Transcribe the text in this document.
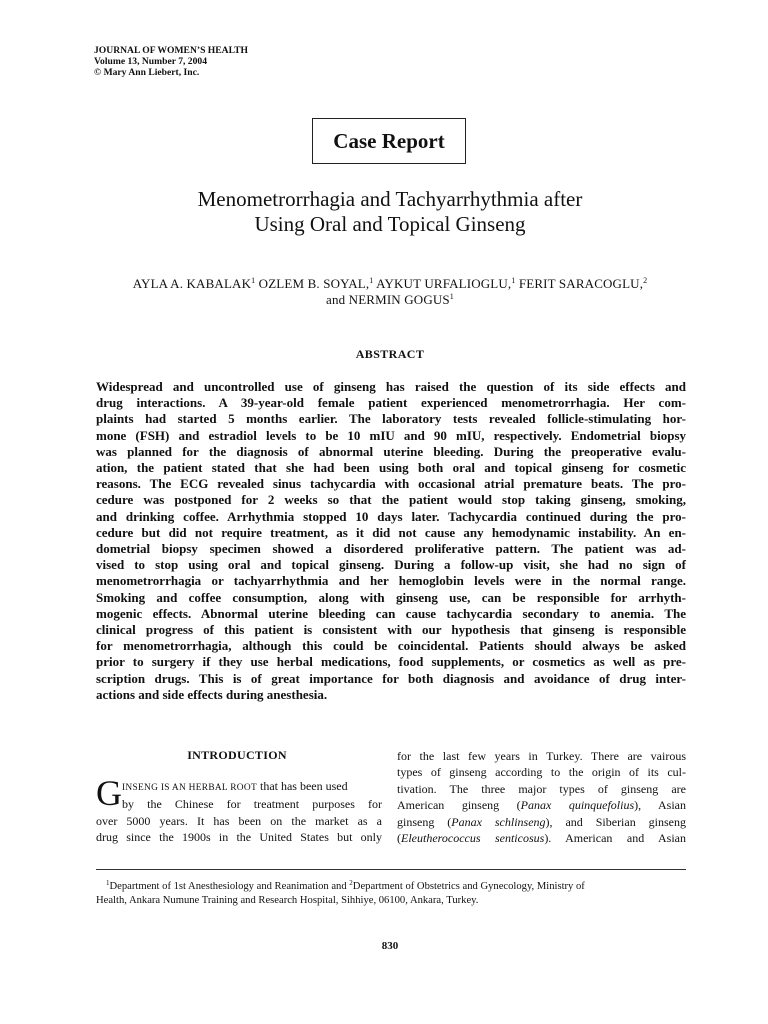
JOURNAL OF WOMEN’S HEALTH
Volume 13, Number 7, 2004
© Mary Ann Liebert, Inc.
Case Report
Menometrorrhagia and Tachyarrhythmia after
Using Oral and Topical Ginseng
AYLA A. KABALAK$^1$ OZLEM B. SOYAL,$^1$ AYKUT URFALIOGLU,$^1$ FERIT SARACOGLU,$^2$
and NERMIN GOGUS$^1$
ABSTRACT
Widespread and uncontrolled use of ginseng has raised the question of its side effects and
drug interactions. A 39-year-old female patient experienced menometrorrhagia. Her com-
plaints had started 5 months earlier. The laboratory tests revealed follicle-stimulating hor-
mone (FSH) and estradiol levels to be 10 mIU and 90 mIU, respectively. Endometrial biopsy
was planned for the diagnosis of abnormal uterine bleeding. During the preoperative evalu-
ation, the patient stated that she had been using both oral and topical ginseng for cosmetic
reasons. The ECG revealed sinus tachycardia with occasional atrial premature beats. The pro-
cedure was postponed for 2 weeks so that the patient would stop taking ginseng, smoking,
and drinking coffee. Arrhythmia stopped 10 days later. Tachycardia continued during the pro-
cedure but did not require treatment, as it did not cause any hemodynamic instability. An en-
dometrial biopsy specimen showed a disordered proliferative pattern. The patient was ad-
vised to stop using oral and topical ginseng. During a follow-up visit, she had no sign of
menometrorrhagia or tachyarrhythmia and her hemoglobin levels were in the normal range.
Smoking and coffee consumption, along with ginseng use, can be responsible for arrhyth-
mogenic effects. Abnormal uterine bleeding can cause tachycardia secondary to anemia. The
clinical progress of this patient is consistent with our hypothesis that ginseng is responsible
for menometrorrhagia, although this could be coincidental. Patients should always be asked
prior to surgery if they use herbal medications, food supplements, or cosmetics as well as pre-
scription drugs. This is of great importance for both diagnosis and avoidance of drug inter-
actions and side effects during anesthesia.
INTRODUCTION
G INSENG IS AN HERBAL ROOT that has been used
by the Chinese for treatment purposes for
over 5000 years. It has been on the market as a
drug since the 1900s in the United States but only
for the last few years in Turkey. There are vairous
types of ginseng according to the origin of its cul-
tivation. The three major types of ginseng are
American ginseng (Panax quinquefolius), Asian
ginseng (Panax schlinseng), and Siberian ginseng
(Eleutherococcus senticosus). American and Asian
$^1$Department of 1st Anesthesiology and Reanimation and $^2$Department of Obstetrics and Gynecology, Ministry of
Health, Ankara Numune Training and Research Hospital, Sihhiye, 06100, Ankara, Turkey.
830
